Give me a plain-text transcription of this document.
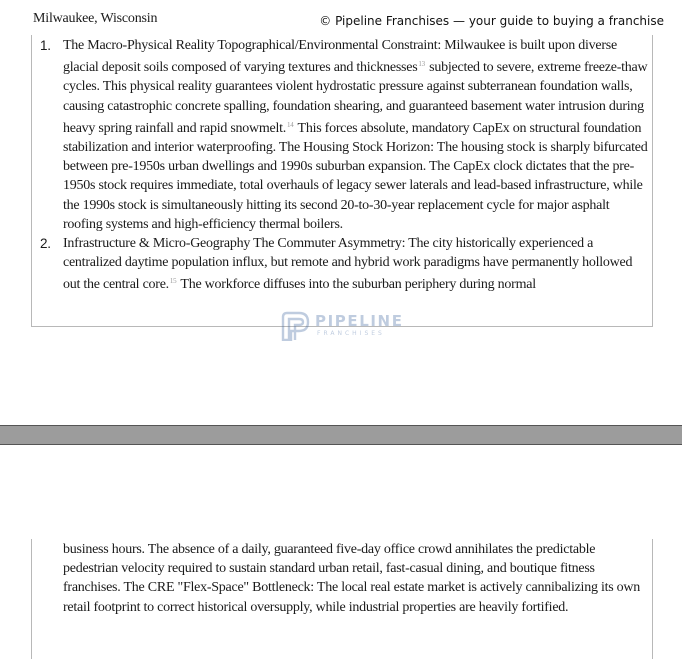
Milwaukee, Wisconsin	© Pipeline Franchises — your guide to buying a franchise
1. The Macro-Physical Reality Topographical/Environmental Constraint: Milwaukee is built upon diverse glacial deposit soils composed of varying textures and thicknesses$^{13}$ subjected to severe, extreme freeze-thaw cycles. This physical reality guarantees violent hydrostatic pressure against subterranean foundation walls, causing catastrophic concrete spalling, foundation shearing, and guaranteed basement water intrusion during heavy spring rainfall and rapid snowmelt.$^{14}$ This forces absolute, mandatory CapEx on structural foundation stabilization and interior waterproofing. The Housing Stock Horizon: The housing stock is sharply bifurcated between pre-1950s urban dwellings and 1990s suburban expansion. The CapEx clock dictates that the pre-1950s stock requires immediate, total overhauls of legacy sewer laterals and lead-based infrastructure, while the 1990s stock is simultaneously hitting its second 20-to-30-year replacement cycle for major asphalt roofing systems and high-efficiency thermal boilers.
2. Infrastructure & Micro-Geography The Commuter Asymmetry: The city historically experienced a centralized daytime population influx, but remote and hybrid work paradigms have permanently hollowed out the central core.$^{15}$ The workforce diffuses into the suburban periphery during normal
PIPELINE
FRANCHISES
business hours. The absence of a daily, guaranteed five-day office crowd annihilates the predictable pedestrian velocity required to sustain standard urban retail, fast-casual dining, and boutique fitness franchises. The CRE "Flex-Space" Bottleneck: The local real estate market is actively cannibalizing its own retail footprint to correct historical oversupply, while industrial properties are heavily fortified.
